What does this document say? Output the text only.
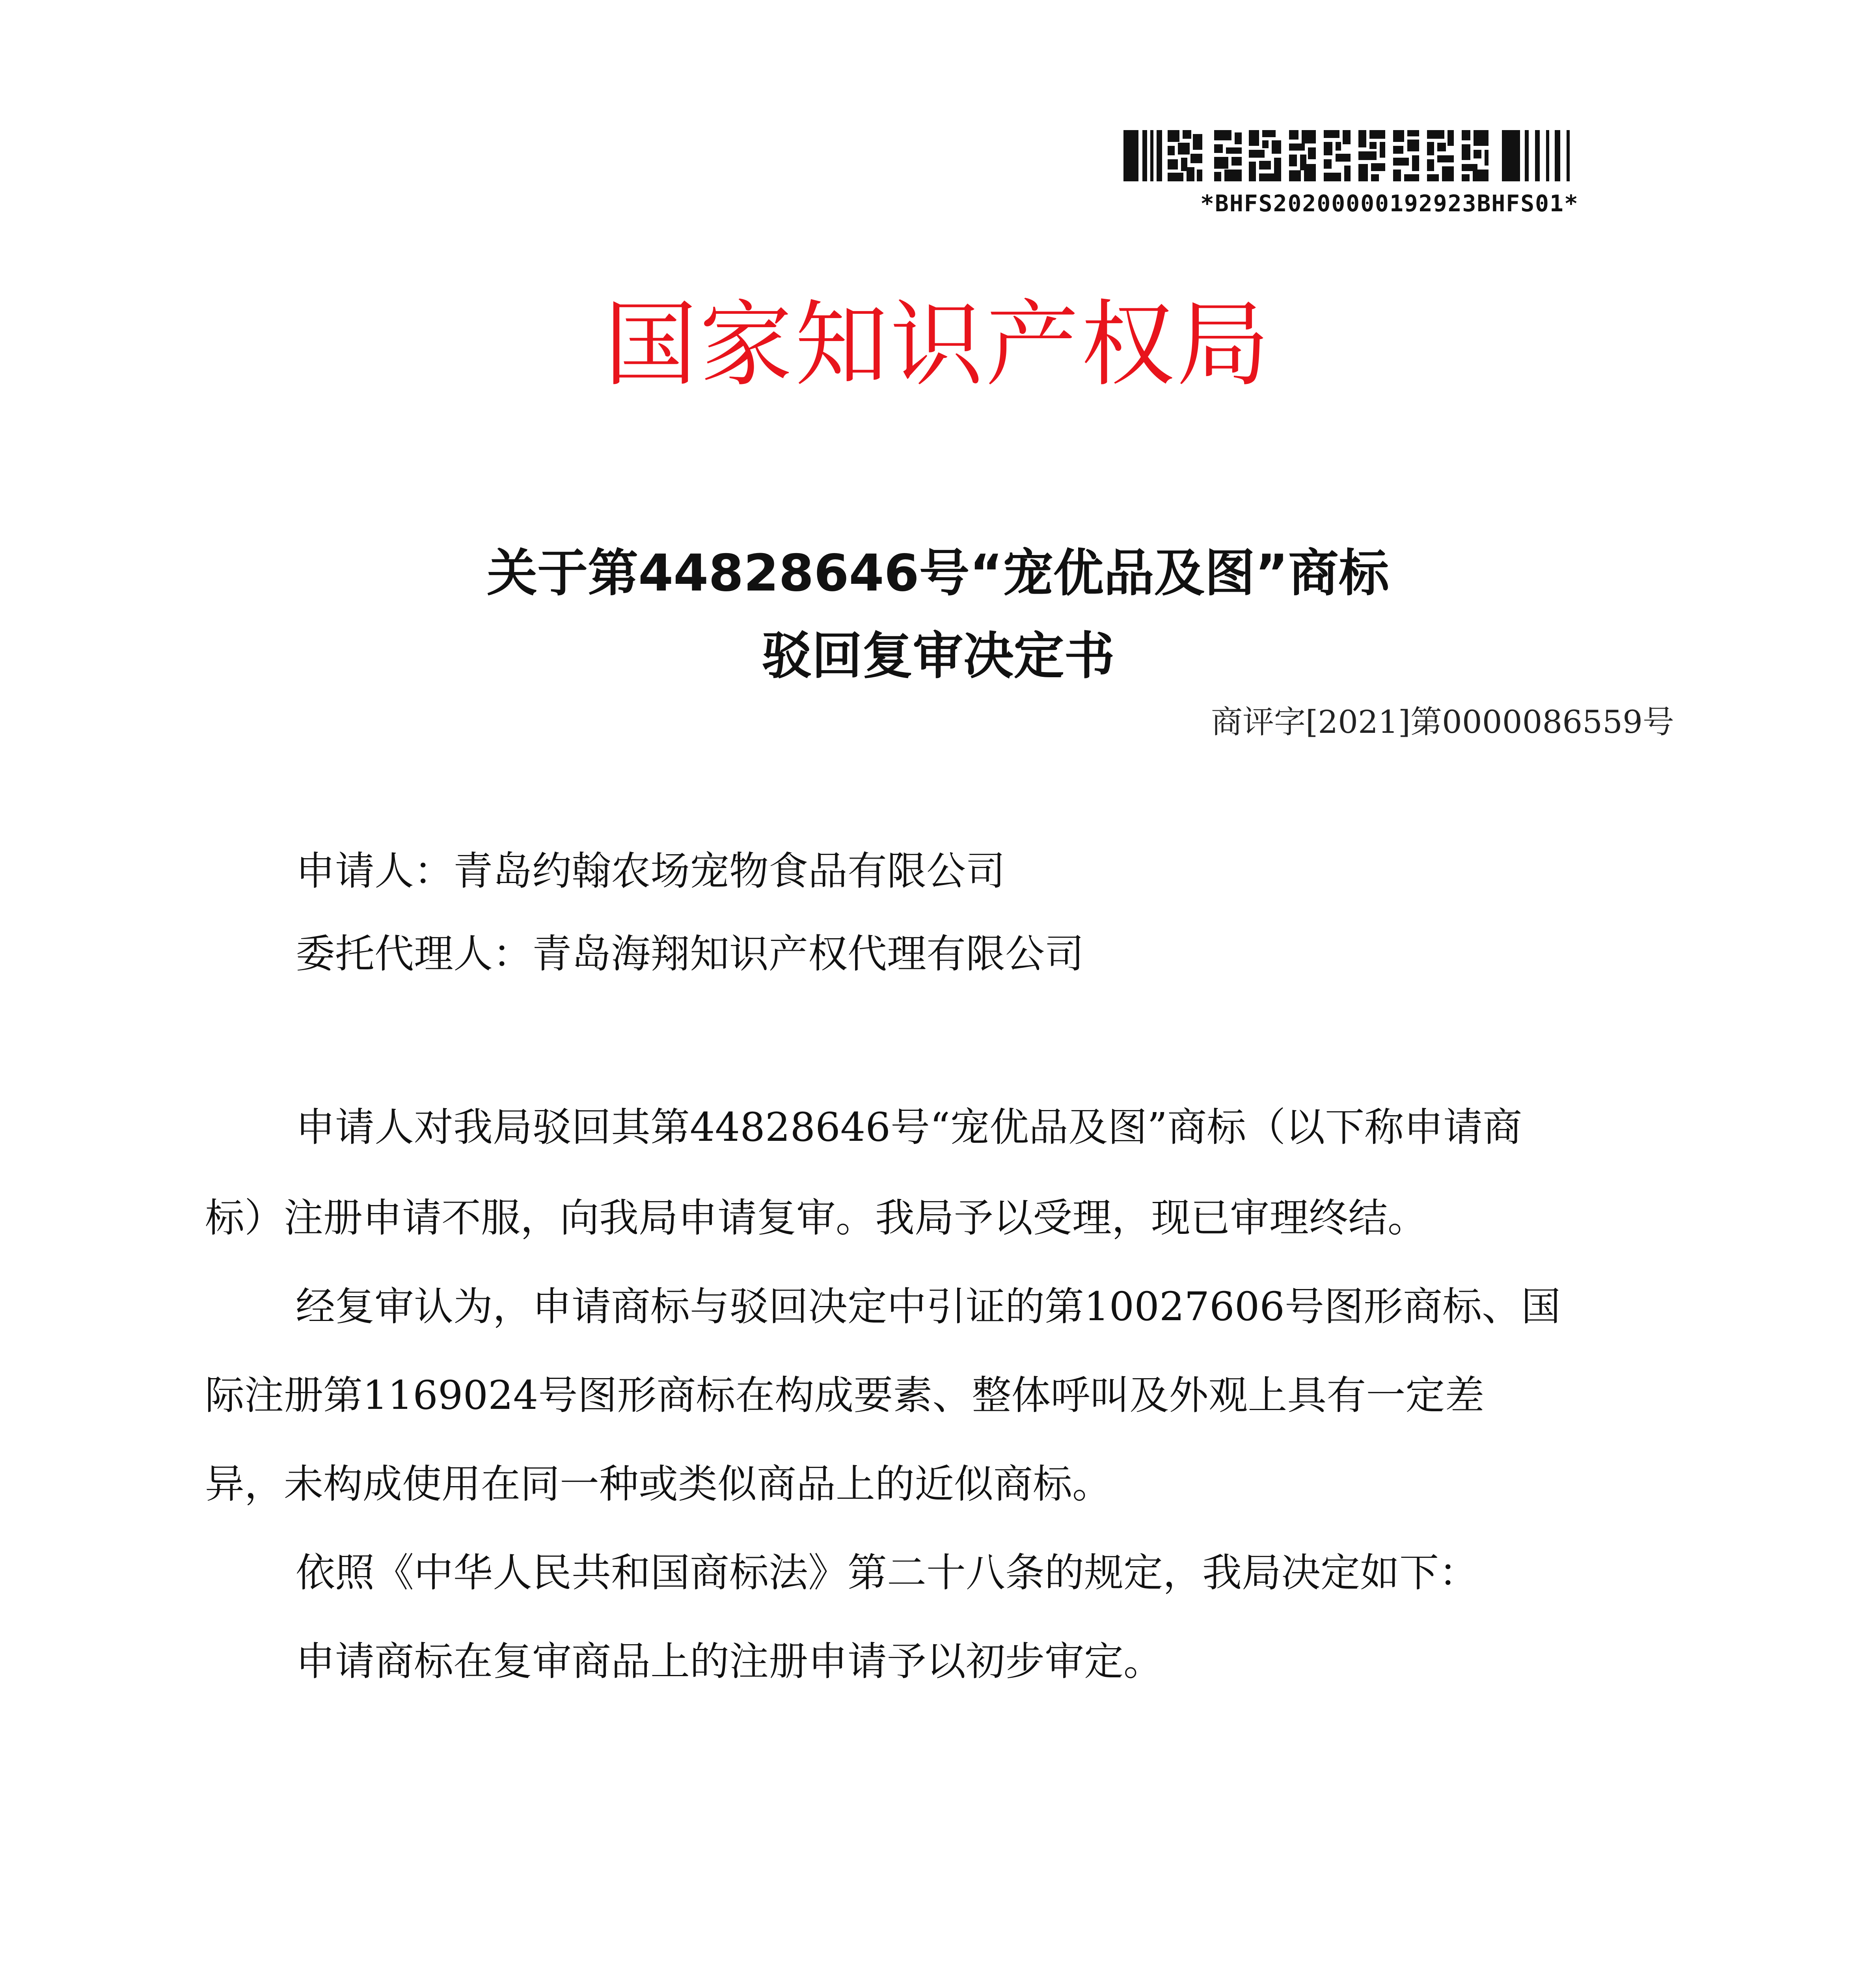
*BHFS20200000192923BHFS01*
国家知识产权局
关于第44828646号“宠优品及图”商标
驳回复审决定书
商评字[2021]第0000086559号
申请人：青岛约翰农场宠物食品有限公司
委托代理人：青岛海翔知识产权代理有限公司
申请人对我局驳回其第44828646号“宠优品及图”商标（以下称申请商
标）注册申请不服，向我局申请复审。我局予以受理，现已审理终结。
经复审认为，申请商标与驳回决定中引证的第10027606号图形商标、国
际注册第1169024号图形商标在构成要素、整体呼叫及外观上具有一定差
异，未构成使用在同一种或类似商品上的近似商标。
依照《中华人民共和国商标法》第二十八条的规定，我局决定如下：
申请商标在复审商品上的注册申请予以初步审定。
